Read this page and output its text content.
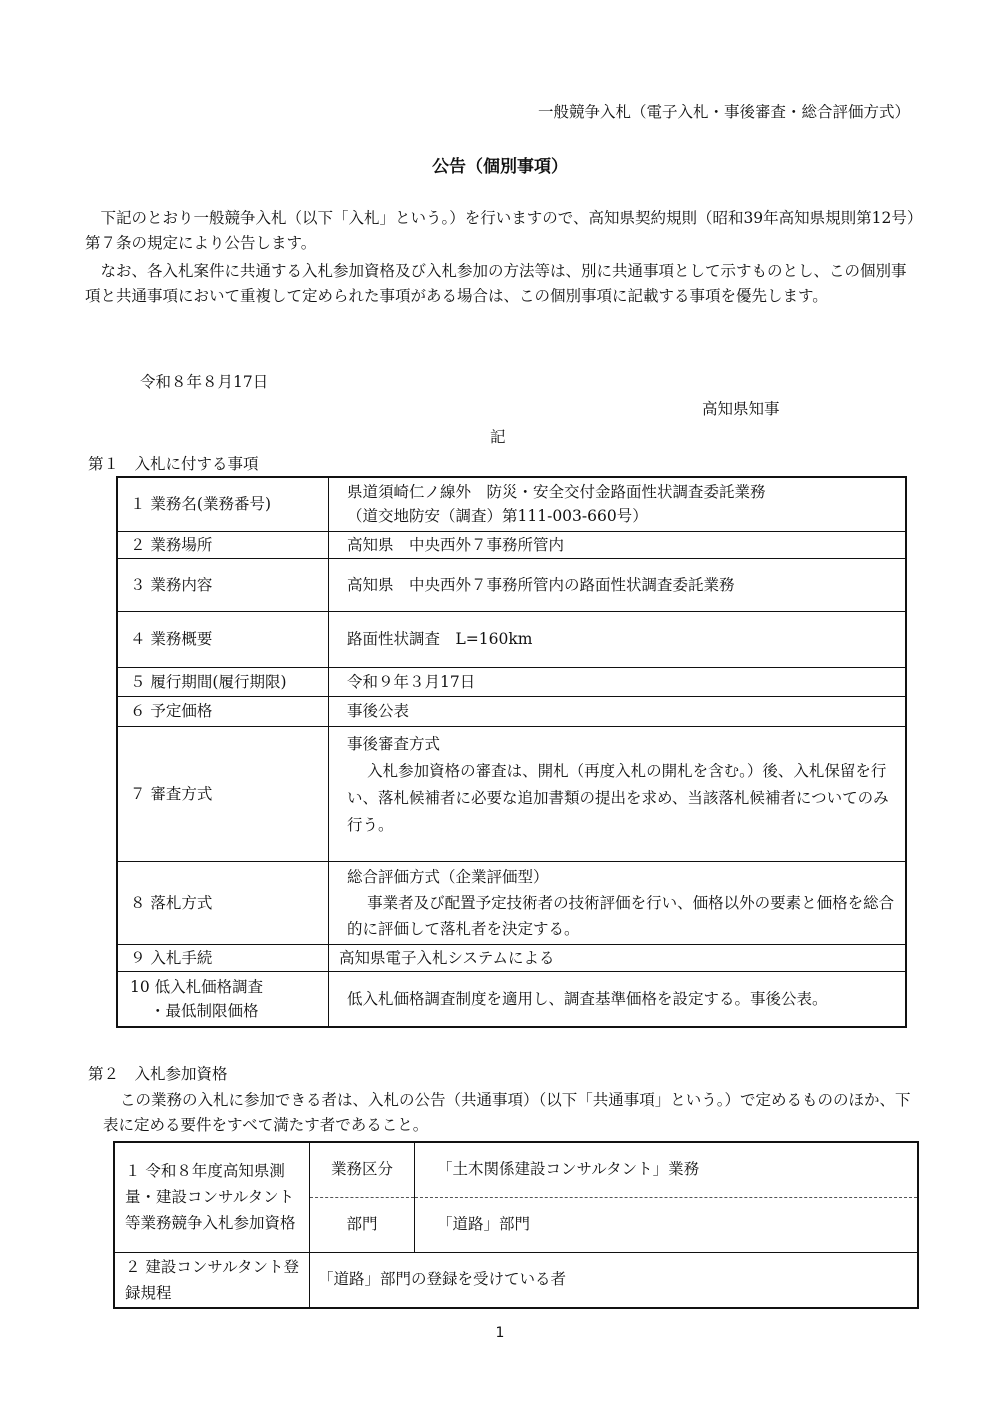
一般競争入札（電子入札・事後審査・総合評価方式）
公告（個別事項）
下記のとおり一般競争入札（以下「入札」という。）を行いますので、高知県契約規則（昭和39年高知県規則第12号）第７条の規定により公告します。
なお、各入札案件に共通する入札参加資格及び入札参加の方法等は、別に共通事項として示すものとし、この個別事項と共通事項において重複して定められた事項がある場合は、この個別事項に記載する事項を優先します。
令和８年８月17日
高知県知事
記
第１　入札に付する事項
１ 業務名(業務番号)	県道須崎仁ノ線外　防災・安全交付金路面性状調査委託業務
（道交地防安（調査）第111-003-660号）

２ 業務場所	高知県　中央西外７事務所管内
３ 業務内容	高知県　中央西外７事務所管内の路面性状調査委託業務
４ 業務概要	路面性状調査　L=160km
５ 履行期間(履行期限)	令和９年３月17日
６ 予定価格	事後公表
７ 審査方式	事後審査方式
入札参加資格の審査は、開札（再度入札の開札を含む。）後、入札保留を行い、落札候補者に必要な追加書類の提出を求め、当該落札候補者についてのみ行う。

８ 落札方式	総合評価方式（企業評価型）
事業者及び配置予定技術者の技術評価を行い、価格以外の要素と価格を総合的に評価して落札者を決定する。

９ 入札手続	高知県電子入札システムによる

10 低入札価格調査
・最低制限価格	低入札価格調査制度を適用し、調査基準価格を設定する。事後公表。
第２　入札参加資格
この業務の入札に参加できる者は、入札の公告（共通事項）（以下「共通事項」という。）で定めるもののほか、下表に定める要件をすべて満たす者であること。
１ 令和８年度高知県測量・建設コンサルタント等業務競争入札参加資格	業務区分	「土木関係建設コンサルタント」業務
	部門	「道路」部門
２ 建設コンサルタント登録規程	「道路」部門の登録を受けている者	
1
